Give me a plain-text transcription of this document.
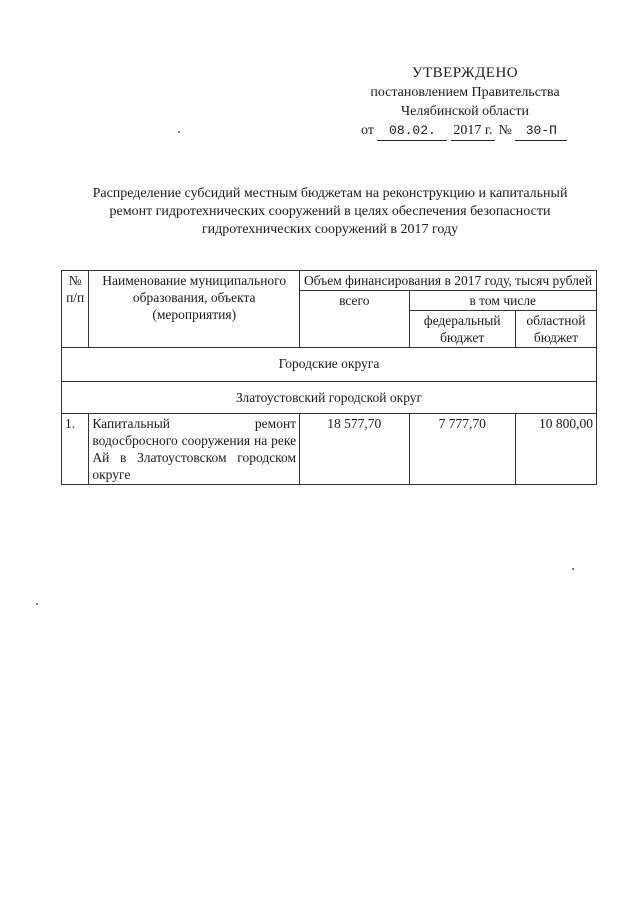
УТВЕРЖДЕНО
постановлением Правительства
Челябинской области
от 08.02. 2017 г. № 30-П
Распределение субсидий местным бюджетам на реконструкцию и капитальный
ремонт гидротехнических сооружений в целях обеспечения безопасности
гидротехнических сооружений в 2017 году
№ п/п	Наименование муниципального образования, объекта (мероприятия)	Объем финансирования в 2017 году, тысяч рублей		
		всего	в том числе	
			федеральный бюджет	областной бюджет
Городские округа				
Златоустовский городской округ				
1.	Капитальный ремонт водосбросного сооружения на реке Ай в Златоустовском городском округе	18 577,70	7 777,70	10 800,00
